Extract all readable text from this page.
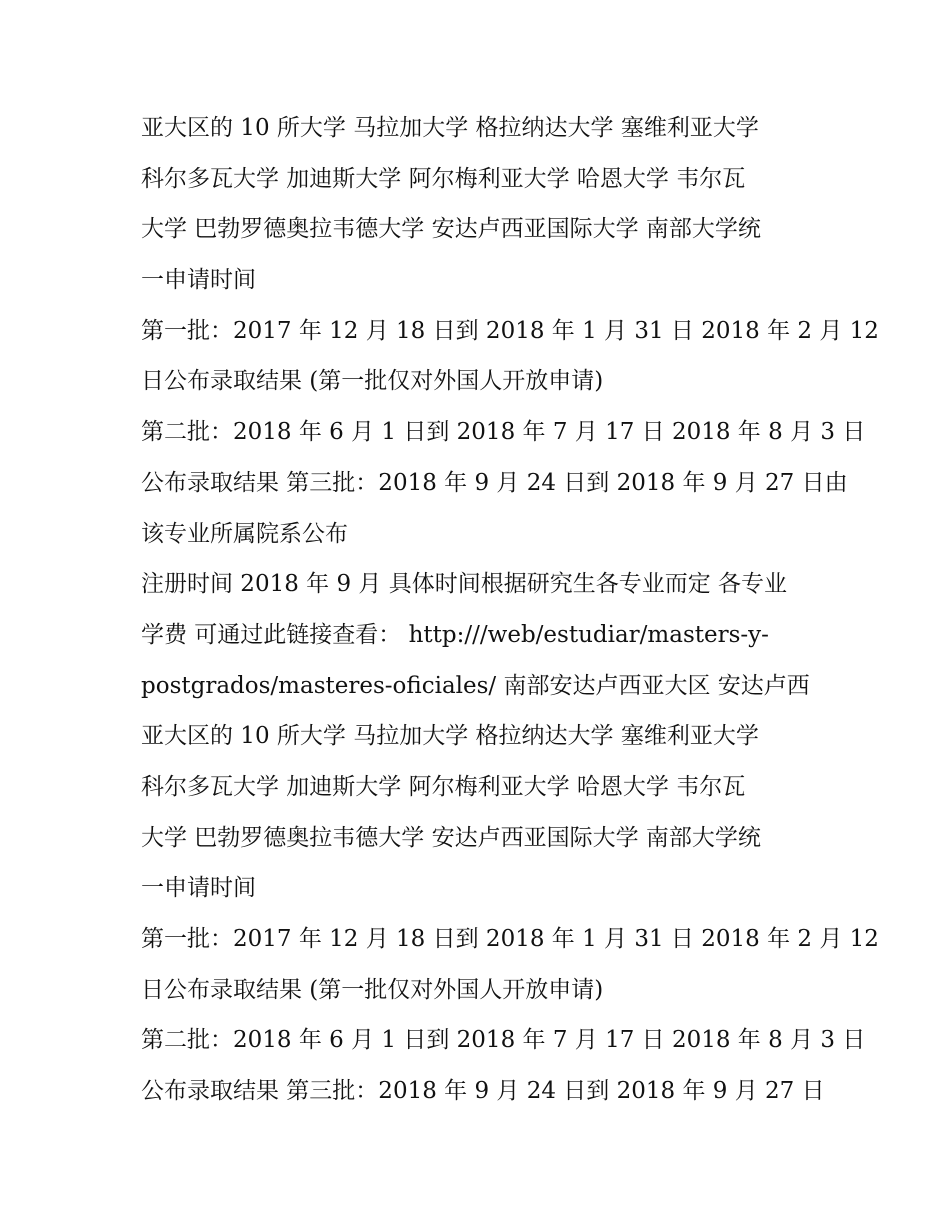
亚大区的 10 所大学 马拉加大学 格拉纳达大学 塞维利亚大学
科尔多瓦大学 加迪斯大学 阿尔梅利亚大学 哈恩大学 韦尔瓦
大学 巴勃罗德奥拉韦德大学 安达卢西亚国际大学 南部大学统
一申请时间
第一批：2017 年 12 月 18 日到 2018 年 1 月 31 日 2018 年 2 月 12
日公布录取结果 (第一批仅对外国人开放申请)
第二批：2018 年 6 月 1 日到 2018 年 7 月 17 日 2018 年 8 月 3 日
公布录取结果 第三批：2018 年 9 月 24 日到 2018 年 9 月 27 日由
该专业所属院系公布
注册时间 2018 年 9 月 具体时间根据研究生各专业而定 各专业
学费 可通过此链接查看： http:///web/estudiar/masters-y-
postgrados/masteres-oficiales/ 南部安达卢西亚大区 安达卢西
亚大区的 10 所大学 马拉加大学 格拉纳达大学 塞维利亚大学
科尔多瓦大学 加迪斯大学 阿尔梅利亚大学 哈恩大学 韦尔瓦
大学 巴勃罗德奥拉韦德大学 安达卢西亚国际大学 南部大学统
一申请时间
第一批：2017 年 12 月 18 日到 2018 年 1 月 31 日 2018 年 2 月 12
日公布录取结果 (第一批仅对外国人开放申请)
第二批：2018 年 6 月 1 日到 2018 年 7 月 17 日 2018 年 8 月 3 日
公布录取结果 第三批：2018 年 9 月 24 日到 2018 年 9 月 27 日
